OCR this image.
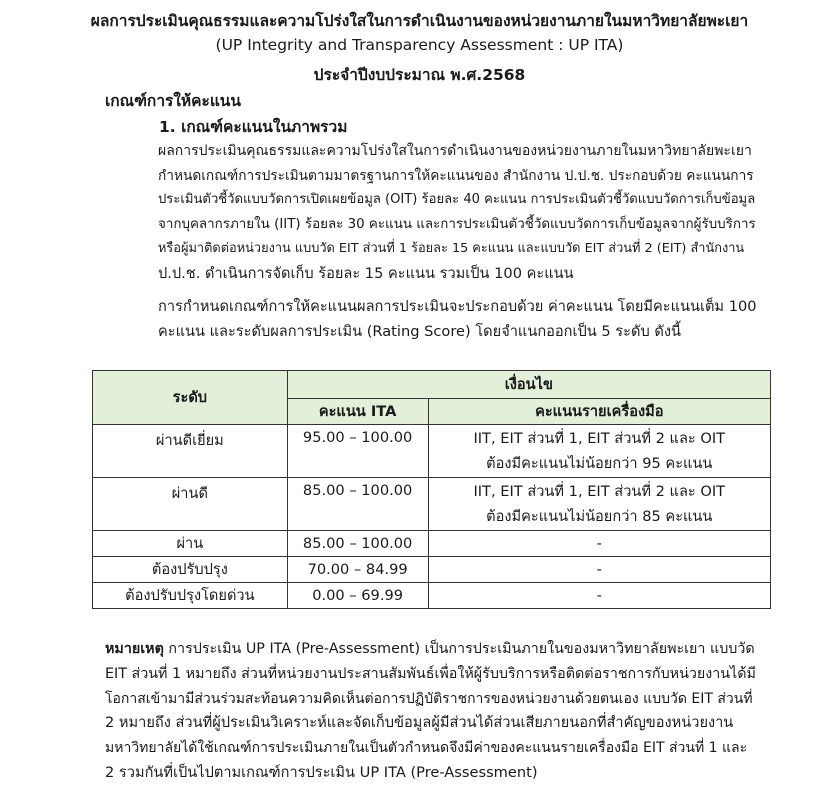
ผลการประเมินคุณธรรมและความโปร่งใสในการดำเนินงานของหน่วยงานภายในมหาวิทยาลัยพะเยา
(UP Integrity and Transparency Assessment : UP ITA)
ประจำปีงบประมาณ พ.ศ.2568
เกณฑ์การให้คะแนน
1. เกณฑ์คะแนนในภาพรวม
ผลการประเมินคุณธรรมและความโปร่งใสในการดำเนินงานของหน่วยงานภายในมหาวิทยาลัยพะเยา
กำหนดเกณฑ์การประเมินตามมาตรฐานการให้คะแนนของ สำนักงาน ป.ป.ช. ประกอบด้วย คะแนนการ
ประเมินตัวชี้วัดแบบวัดการเปิดเผยข้อมูล (OIT) ร้อยละ 40 คะแนน การประเมินตัวชี้วัดแบบวัดการเก็บข้อมูล
จากบุคลากรภายใน (IIT) ร้อยละ 30 คะแนน และการประเมินตัวชี้วัดแบบวัดการเก็บข้อมูลจากผู้รับบริการ
หรือผู้มาติดต่อหน่วยงาน แบบวัด EIT ส่วนที่ 1 ร้อยละ 15 คะแนน และแบบวัด EIT ส่วนที่ 2 (EIT) สำนักงาน
ป.ป.ช. ดำเนินการจัดเก็บ ร้อยละ 15 คะแนน รวมเป็น 100 คะแนน
การกำหนดเกณฑ์การให้คะแนนผลการประเมินจะประกอบด้วย ค่าคะแนน โดยมีคะแนนเต็ม 100
คะแนน และระดับผลการประเมิน (Rating Score) โดยจำแนกออกเป็น 5 ระดับ ดังนี้
ระดับ	เงื่อนไข	
	คะแนน ITA	คะแนนรายเครื่องมือ
ผ่านดีเยี่ยม	95.00 – 100.00	IIT, EIT ส่วนที่ 1, EIT ส่วนที่ 2 และ OIT
ต้องมีคะแนนไม่น้อยกว่า 95 คะแนน

ผ่านดี	85.00 – 100.00	IIT, EIT ส่วนที่ 1, EIT ส่วนที่ 2 และ OIT
ต้องมีคะแนนไม่น้อยกว่า 85 คะแนน

ผ่าน	85.00 – 100.00	-
ต้องปรับปรุง	70.00 – 84.99	-
ต้องปรับปรุงโดยด่วน	0.00 – 69.99	-
หมายเหตุ การประเมิน UP ITA (Pre-Assessment) เป็นการประเมินภายในของมหาวิทยาลัยพะเยา แบบวัด
EIT ส่วนที่ 1 หมายถึง ส่วนที่หน่วยงานประสานสัมพันธ์เพื่อให้ผู้รับบริการหรือติดต่อราชการกับหน่วยงานได้มี
โอกาสเข้ามามีส่วนร่วมสะท้อนความคิดเห็นต่อการปฏิบัติราชการของหน่วยงานด้วยตนเอง แบบวัด EIT ส่วนที่
2 หมายถึง ส่วนที่ผู้ประเมินวิเคราะห์และจัดเก็บข้อมูลผู้มีส่วนได้ส่วนเสียภายนอกที่สำคัญของหน่วยงาน
มหาวิทยาลัยได้ใช้เกณฑ์การประเมินภายในเป็นตัวกำหนดจึงมีค่าของคะแนนรายเครื่องมือ EIT ส่วนที่ 1 และ
2 รวมกันที่เป็นไปตามเกณฑ์การประเมิน UP ITA (Pre-Assessment)
